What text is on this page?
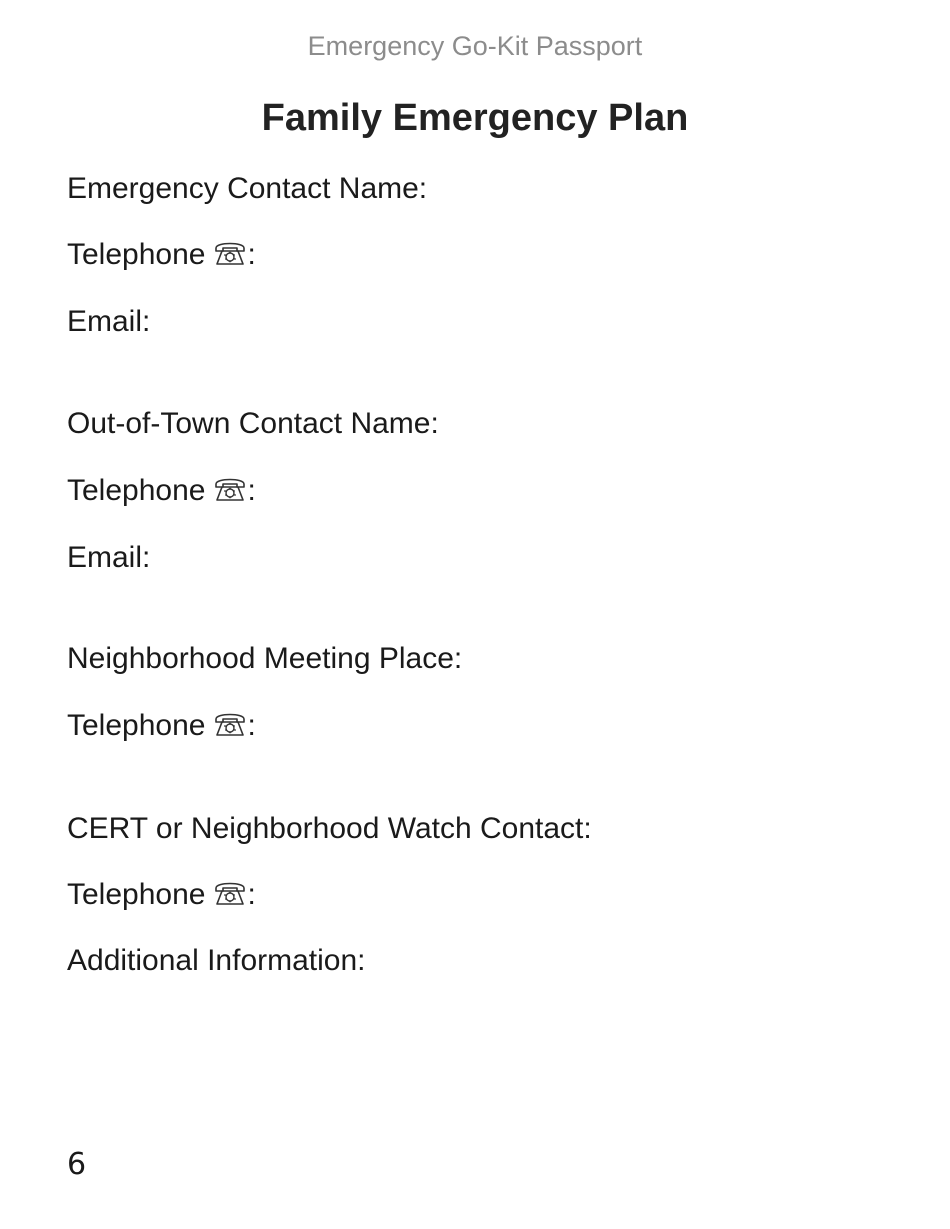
Emergency Go-Kit Passport
Family Emergency Plan
Emergency Contact Name:
Telephone :
Email:
Out-of-Town Contact Name:
Telephone :
Email:
Neighborhood Meeting Place:
Telephone :
CERT or Neighborhood Watch Contact:
Telephone :
Additional Information:
6
